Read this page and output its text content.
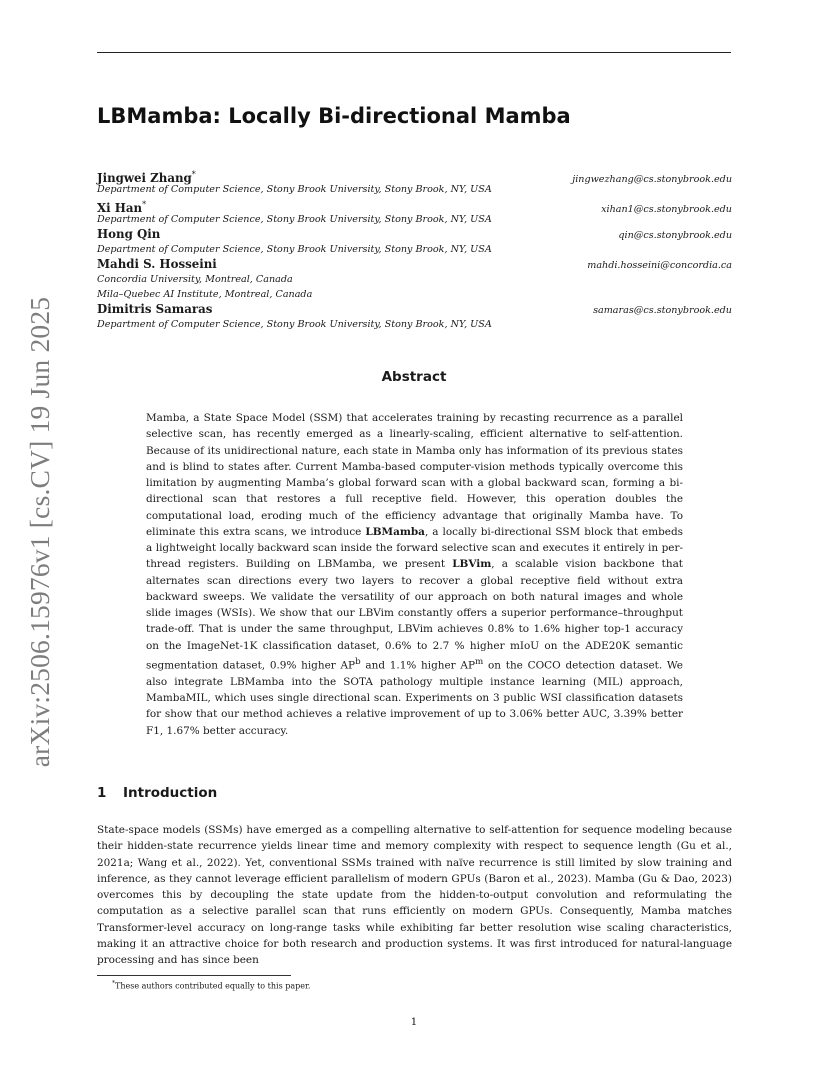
arXiv:2506.15976v1 [cs.CV] 19 Jun 2025
LBMamba: Locally Bi-directional Mamba
Jingwei Zhang*	jingwezhang@cs.stonybrook.edu
Department of Computer Science, Stony Brook University, Stony Brook, NY, USA
Xi Han*	xihan1@cs.stonybrook.edu
Department of Computer Science, Stony Brook University, Stony Brook, NY, USA
Hong Qin	qin@cs.stonybrook.edu
Department of Computer Science, Stony Brook University, Stony Brook, NY, USA
Mahdi S. Hosseini	mahdi.hosseini@concordia.ca
Concordia University, Montreal, Canada
Mila–Quebec AI Institute, Montreal, Canada
Dimitris Samaras	samaras@cs.stonybrook.edu
Department of Computer Science, Stony Brook University, Stony Brook, NY, USA
Abstract

Mamba, a State Space Model (SSM) that accelerates training by recasting recurrence as a parallel selective scan, has recently emerged as a linearly-scaling, efficient alternative to self-attention. Because of its unidirectional nature, each state in Mamba only has information of its previous states and is blind to states after. Current Mamba-based computer-vision methods typically overcome this limitation by augmenting Mamba’s global forward scan with a global backward scan, forming a bi-directional scan that restores a full receptive field. However, this operation doubles the computational load, eroding much of the efficiency advantage that originally Mamba have. To eliminate this extra scans, we introduce LBMamba, a locally bi-directional SSM block that embeds a lightweight locally backward scan inside the forward selective scan and executes it entirely in per-thread registers. Building on LBMamba, we present LBVim, a scalable vision backbone that alternates scan directions every two layers to recover a global receptive field without extra backward sweeps. We validate the versatility of our approach on both natural images and whole slide images (WSIs). We show that our LBVim constantly offers a superior performance–throughput trade-off. That is under the same throughput, LBVim achieves 0.8% to 1.6% higher top-1 accuracy on the ImageNet-1K classification dataset, 0.6% to 2.7 % higher mIoU on the ADE20K semantic segmentation dataset, 0.9% higher $AP^b$ and 1.1% higher $AP^m$ on the COCO detection dataset. We also integrate LBMamba into the SOTA pathology multiple instance learning (MIL) approach, MambaMIL, which uses single directional scan. Experiments on 3 public WSI classification datasets for show that our method achieves a relative improvement of up to 3.06% better AUC, 3.39% better F1, 1.67% better accuracy.

1 Introduction

State-space models (SSMs) have emerged as a compelling alternative to self-attention for sequence modeling because their hidden-state recurrence yields linear time and memory complexity with respect to sequence length (Gu et al., 2021a; Wang et al., 2022). Yet, conventional SSMs trained with naïve recurrence is still limited by slow training and inference, as they cannot leverage efficient parallelism of modern GPUs (Baron et al., 2023). Mamba (Gu & Dao, 2023) overcomes this by decoupling the state update from the hidden-to-output convolution and reformulating the computation as a selective parallel scan that runs efficiently on modern GPUs. Consequently, Mamba matches Transformer-level accuracy on long-range tasks while exhibiting far better resolution wise scaling characteristics, making it an attractive choice for both research and production systems. It was first introduced for natural-language processing and has since been

*These authors contributed equally to this paper.
1
